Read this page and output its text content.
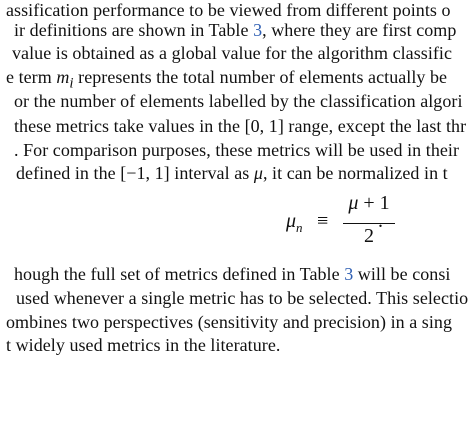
assification performance to be viewed from different points o
ir definitions are shown in Table 3, where they are first comp
value is obtained as a global value for the algorithm classific
e term $m_i$ represents the total number of elements actually be
or the number of elements labelled by the classification algori
these metrics take values in the [0, 1] range, except the last thr
. For comparison purposes, these metrics will be used in their
defined in the [−1, 1] interval as μ, it can be normalized in t
$\mu_n$ ≡
μ + 1
2
.
hough the full set of metrics defined in Table 3 will be consi
used whenever a single metric has to be selected. This selectio
ombines two perspectives (sensitivity and precision) in a sing
t widely used metrics in the literature.
